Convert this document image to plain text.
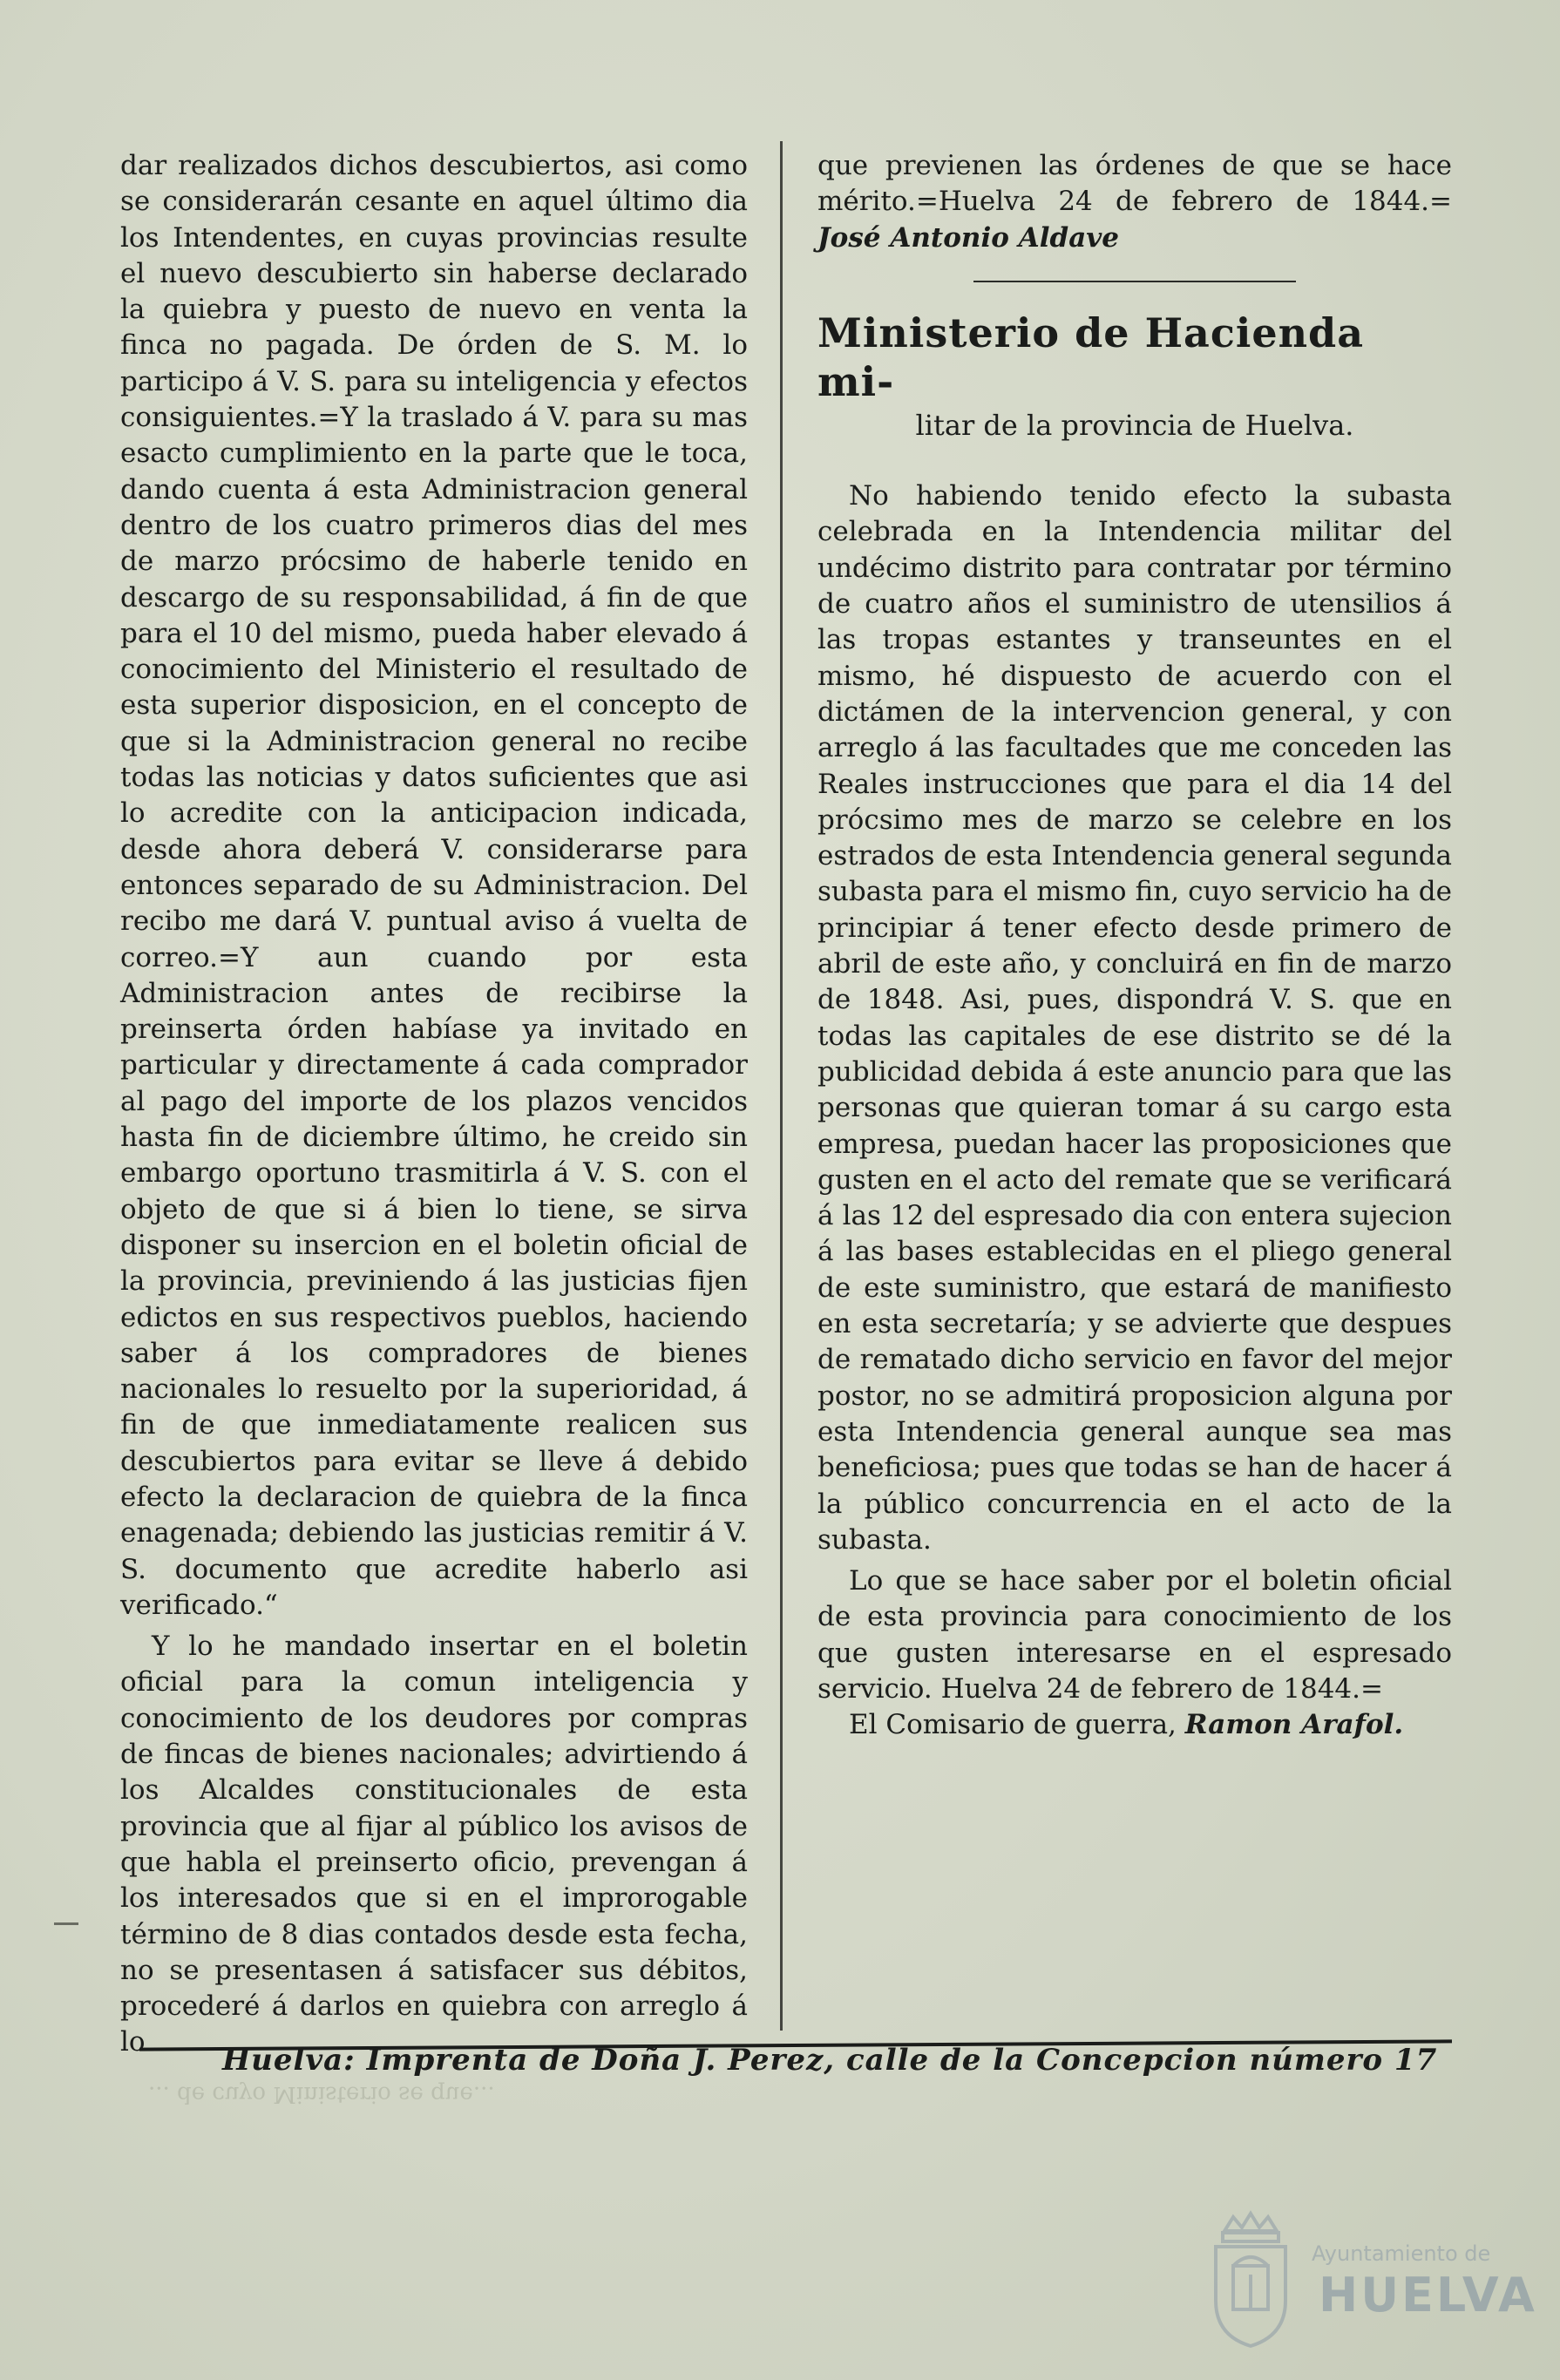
dar realizados dichos descubiertos, asi como se considerarán cesante en aquel último dia los Intendentes, en cuyas provincias resulte el nuevo descubierto sin haberse declarado la quiebra y puesto de nuevo en venta la finca no pagada. De órden de S. M. lo participo á V. S. para su inteligencia y efectos consiguientes.=Y la traslado á V. para su mas esacto cumplimiento en la parte que le toca, dando cuenta á esta Administracion general dentro de los cuatro primeros dias del mes de marzo prócsimo de haberle tenido en descargo de su responsabilidad, á fin de que para el 10 del mismo, pueda haber elevado á conocimiento del Ministerio el resultado de esta superior disposicion, en el concepto de que si la Administracion general no recibe todas las noticias y datos suficientes que asi lo acredite con la anticipacion indicada, desde ahora deberá V. considerarse para entonces separado de su Administracion. Del recibo me dará V. puntual aviso á vuelta de correo.=Y aun cuando por esta Administracion antes de recibirse la preinserta órden habíase ya invitado en particular y directamente á cada comprador al pago del importe de los plazos vencidos hasta fin de diciembre último, he creido sin embargo oportuno trasmitirla á V. S. con el objeto de que si á bien lo tiene, se sirva disponer su insercion en el boletin oficial de la provincia, previniendo á las justicias fijen edictos en sus respectivos pueblos, haciendo saber á los compradores de bienes nacionales lo resuelto por la superioridad, á fin de que inmediatamente realicen sus descubiertos para evitar se lleve á debido efecto la declaracion de quiebra de la finca enagenada; debiendo las justicias remitir á V. S. documento que acredite haberlo asi verificado.“

Y lo he mandado insertar en el boletin oficial para la comun inteligencia y conocimiento de los deudores por compras de fincas de bienes nacionales; advirtiendo á los Alcaldes constitucionales de esta provincia que al fijar al público los avisos de que habla el preinserto oficio, prevengan á los interesados que si en el improrogable término de 8 dias contados desde esta fecha, no se presentasen á satisfacer sus débitos, procederé á darlos en quiebra con arreglo á lo

que previenen las órdenes de que se hace mérito.=Huelva 24 de febrero de 1844.= José Antonio Aldave

Ministerio de Hacienda mi-

litar de la provincia de Huelva.

No habiendo tenido efecto la subasta celebrada en la Intendencia militar del undécimo distrito para contratar por término de cuatro años el suministro de utensilios á las tropas estantes y transeuntes en el mismo, hé dispuesto de acuerdo con el dictámen de la intervencion general, y con arreglo á las facultades que me conceden las Reales instrucciones que para el dia 14 del prócsimo mes de marzo se celebre en los estrados de esta Intendencia general segunda subasta para el mismo fin, cuyo servicio ha de principiar á tener efecto desde primero de abril de este año, y concluirá en fin de marzo de 1848. Asi, pues, dispondrá V. S. que en todas las capitales de ese distrito se dé la publicidad debida á este anuncio para que las personas que quieran tomar á su cargo esta empresa, puedan hacer las proposiciones que gusten en el acto del remate que se verificará á las 12 del espresado dia con entera sujecion á las bases establecidas en el pliego general de este suministro, que estará de manifiesto en esta secretaría; y se advierte que despues de rematado dicho servicio en favor del mejor postor, no se admitirá proposicion alguna por esta Intendencia general aunque sea mas beneficiosa; pues que todas se han de hacer á la público concurrencia en el acto de la subasta.

Lo que se hace saber por el boletin oficial de esta provincia para conocimiento de los que gusten interesarse en el espresado servicio. Huelva 24 de febrero de 1844.=

El Comisario de guerra, Ramon Arafol.

Huelva: Imprenta de Doña J. Perez, calle de la Concepcion número 17
... de cuyo Ministerio se que...
Ayuntamiento de
HUELVA
